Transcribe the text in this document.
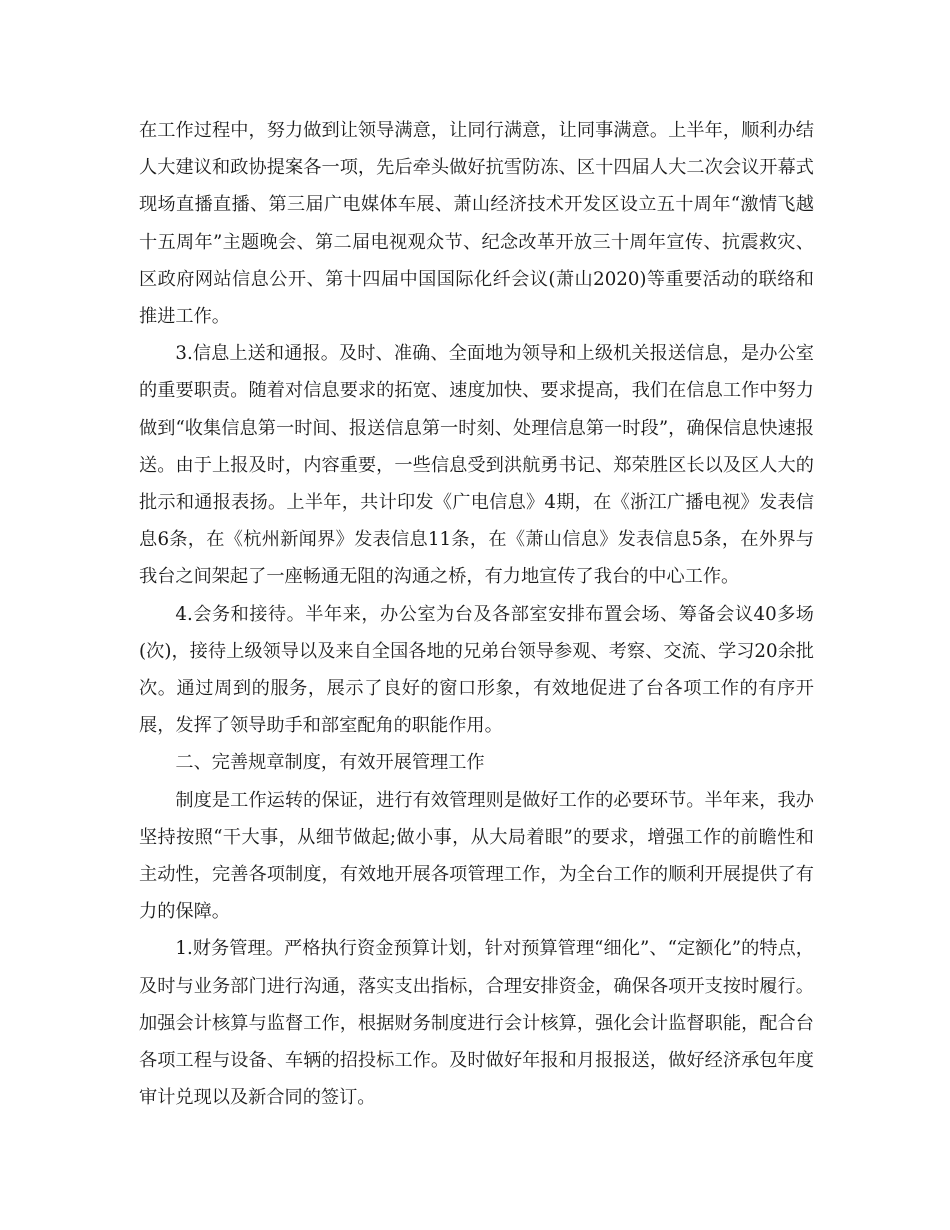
在工作过程中，努力做到让领导满意，让同行满意，让同事满意。上半年，顺利办结人大建议和政协提案各一项，先后牵头做好抗雪防冻、区十四届人大二次会议开幕式现场直播直播、第三届广电媒体车展、萧山经济技术开发区设立五十周年“激情飞越十五周年”主题晚会、第二届电视观众节、纪念改革开放三十周年宣传、抗震救灾、区政府网站信息公开、第十四届中国国际化纤会议(萧山2020)等重要活动的联络和推进工作。

3.信息上送和通报。及时、准确、全面地为领导和上级机关报送信息，是办公室的重要职责。随着对信息要求的拓宽、速度加快、要求提高，我们在信息工作中努力做到“收集信息第一时间、报送信息第一时刻、处理信息第一时段”，确保信息快速报送。由于上报及时，内容重要，一些信息受到洪航勇书记、郑荣胜区长以及区人大的批示和通报表扬。上半年，共计印发《广电信息》4期，在《浙江广播电视》发表信息6条，在《杭州新闻界》发表信息11条，在《萧山信息》发表信息5条，在外界与我台之间架起了一座畅通无阻的沟通之桥，有力地宣传了我台的中心工作。

4.会务和接待。半年来，办公室为台及各部室安排布置会场、筹备会议40多场(次)，接待上级领导以及来自全国各地的兄弟台领导参观、考察、交流、学习20余批次。通过周到的服务，展示了良好的窗口形象，有效地促进了台各项工作的有序开展，发挥了领导助手和部室配角的职能作用。

二、完善规章制度，有效开展管理工作

制度是工作运转的保证，进行有效管理则是做好工作的必要环节。半年来，我办坚持按照“干大事，从细节做起;做小事，从大局着眼”的要求，增强工作的前瞻性和主动性，完善各项制度，有效地开展各项管理工作，为全台工作的顺利开展提供了有力的保障。

1.财务管理。严格执行资金预算计划，针对预算管理“细化”、“定额化”的特点，及时与业务部门进行沟通，落实支出指标，合理安排资金，确保各项开支按时履行。加强会计核算与监督工作，根据财务制度进行会计核算，强化会计监督职能，配合台各项工程与设备、车辆的招投标工作。及时做好年报和月报报送，做好经济承包年度审计兑现以及新合同的签订。
